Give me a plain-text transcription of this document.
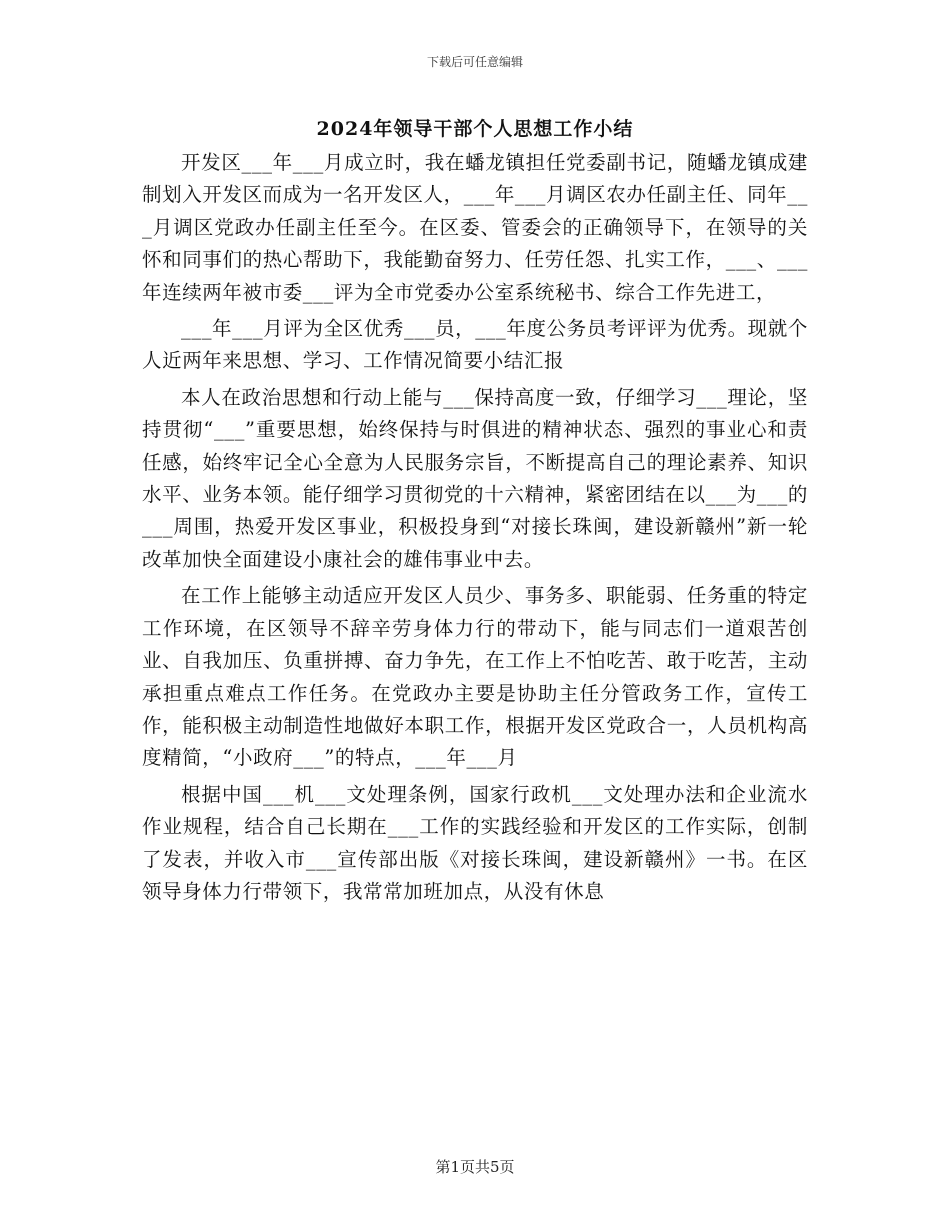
下载后可任意编辑
2024年领导干部个人思想工作小结

开发区___年___月成立时，我在蟠龙镇担任党委副书记，随蟠龙镇成建制划入开发区而成为一名开发区人，___年___月调区农办任副主任、同年___月调区党政办任副主任至今。在区委、管委会的正确领导下，在领导的关怀和同事们的热心帮助下，我能勤奋努力、任劳任怨、扎实工作，___、___年连续两年被市委___评为全市党委办公室系统秘书、综合工作先进工，

___年___月评为全区优秀___员，___年度公务员考评评为优秀。现就个人近两年来思想、学习、工作情况简要小结汇报

本人在政治思想和行动上能与___保持高度一致，仔细学习___理论，坚持贯彻“___”重要思想，始终保持与时俱进的精神状态、强烈的事业心和责任感，始终牢记全心全意为人民服务宗旨，不断提高自己的理论素养、知识水平、业务本领。能仔细学习贯彻党的十六精神，紧密团结在以___为___的___周围，热爱开发区事业，积极投身到“对接长珠闽，建设新赣州”新一轮改革加快全面建设小康社会的雄伟事业中去。

在工作上能够主动适应开发区人员少、事务多、职能弱、任务重的特定工作环境，在区领导不辞辛劳身体力行的带动下，能与同志们一道艰苦创业、自我加压、负重拼搏、奋力争先，在工作上不怕吃苦、敢于吃苦，主动承担重点难点工作任务。在党政办主要是协助主任分管政务工作，宣传工作，能积极主动制造性地做好本职工作，根据开发区党政合一，人员机构高度精简，“小政府___”的特点，___年___月

根据中国___机___文处理条例，国家行政机___文处理办法和企业流水作业规程，结合自己长期在___工作的实践经验和开发区的工作实际，创制了发表，并收入市___宣传部出版《对接长珠闽，建设新赣州》一书。在区领导身体力行带领下，我常常加班加点，从没有休息

第1页共5页
